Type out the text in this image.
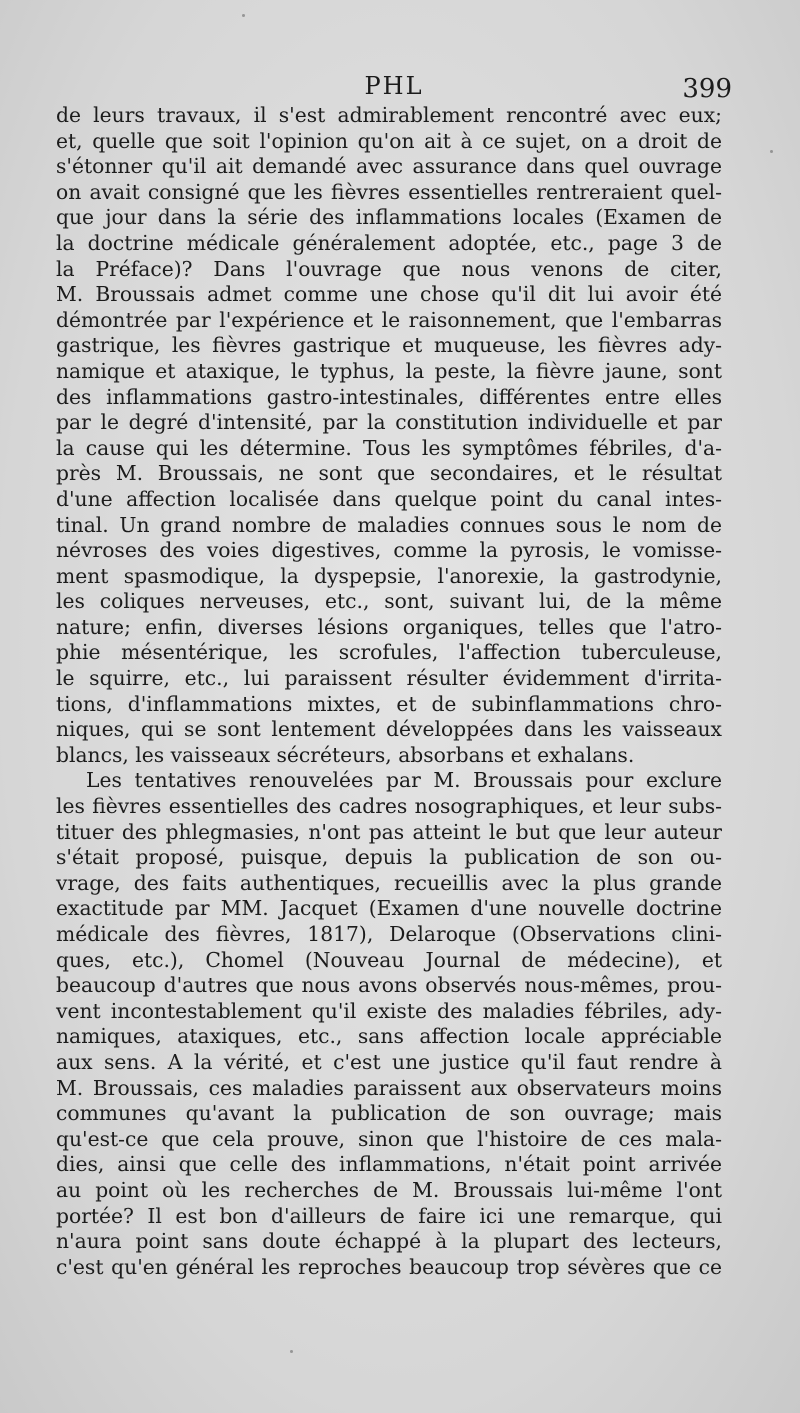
PHL	399

de leurs travaux, il s'est admirablement rencontré avec eux;
et, quelle que soit l'opinion qu'on ait à ce sujet, on a droit de
s'étonner qu'il ait demandé avec assurance dans quel ouvrage
on avait consigné que les fièvres essentielles rentreraient quel-
que jour dans la série des inflammations locales (Examen de
la doctrine médicale généralement adoptée, etc., page 3 de
la Préface)? Dans l'ouvrage que nous venons de citer,
M. Broussais admet comme une chose qu'il dit lui avoir été
démontrée par l'expérience et le raisonnement, que l'embarras
gastrique, les fièvres gastrique et muqueuse, les fièvres ady-
namique et ataxique, le typhus, la peste, la fièvre jaune, sont
des inflammations gastro-intestinales, différentes entre elles
par le degré d'intensité, par la constitution individuelle et par
la cause qui les détermine. Tous les symptômes fébriles, d'a-
près M. Broussais, ne sont que secondaires, et le résultat
d'une affection localisée dans quelque point du canal intes-
tinal. Un grand nombre de maladies connues sous le nom de
névroses des voies digestives, comme la pyrosis, le vomisse-
ment spasmodique, la dyspepsie, l'anorexie, la gastrodynie,
les coliques nerveuses, etc., sont, suivant lui, de la même
nature; enfin, diverses lésions organiques, telles que l'atro-
phie mésentérique, les scrofules, l'affection tuberculeuse,
le squirre, etc., lui paraissent résulter évidemment d'irrita-
tions, d'inflammations mixtes, et de subinflammations chro-
niques, qui se sont lentement développées dans les vaisseaux
blancs, les vaisseaux sécréteurs, absorbans et exhalans.

Les tentatives renouvelées par M. Broussais pour exclure
les fièvres essentielles des cadres nosographiques, et leur subs-
tituer des phlegmasies, n'ont pas atteint le but que leur auteur
s'était proposé, puisque, depuis la publication de son ou-
vrage, des faits authentiques, recueillis avec la plus grande
exactitude par MM. Jacquet (Examen d'une nouvelle doctrine
médicale des fièvres, 1817), Delaroque (Observations clini-
ques, etc.), Chomel (Nouveau Journal de médecine), et
beaucoup d'autres que nous avons observés nous-mêmes, prou-
vent incontestablement qu'il existe des maladies fébriles, ady-
namiques, ataxiques, etc., sans affection locale appréciable
aux sens. A la vérité, et c'est une justice qu'il faut rendre à
M. Broussais, ces maladies paraissent aux observateurs moins
communes qu'avant la publication de son ouvrage; mais
qu'est-ce que cela prouve, sinon que l'histoire de ces mala-
dies, ainsi que celle des inflammations, n'était point arrivée
au point où les recherches de M. Broussais lui-même l'ont
portée? Il est bon d'ailleurs de faire ici une remarque, qui
n'aura point sans doute échappé à la plupart des lecteurs,
c'est qu'en général les reproches beaucoup trop sévères que ce
